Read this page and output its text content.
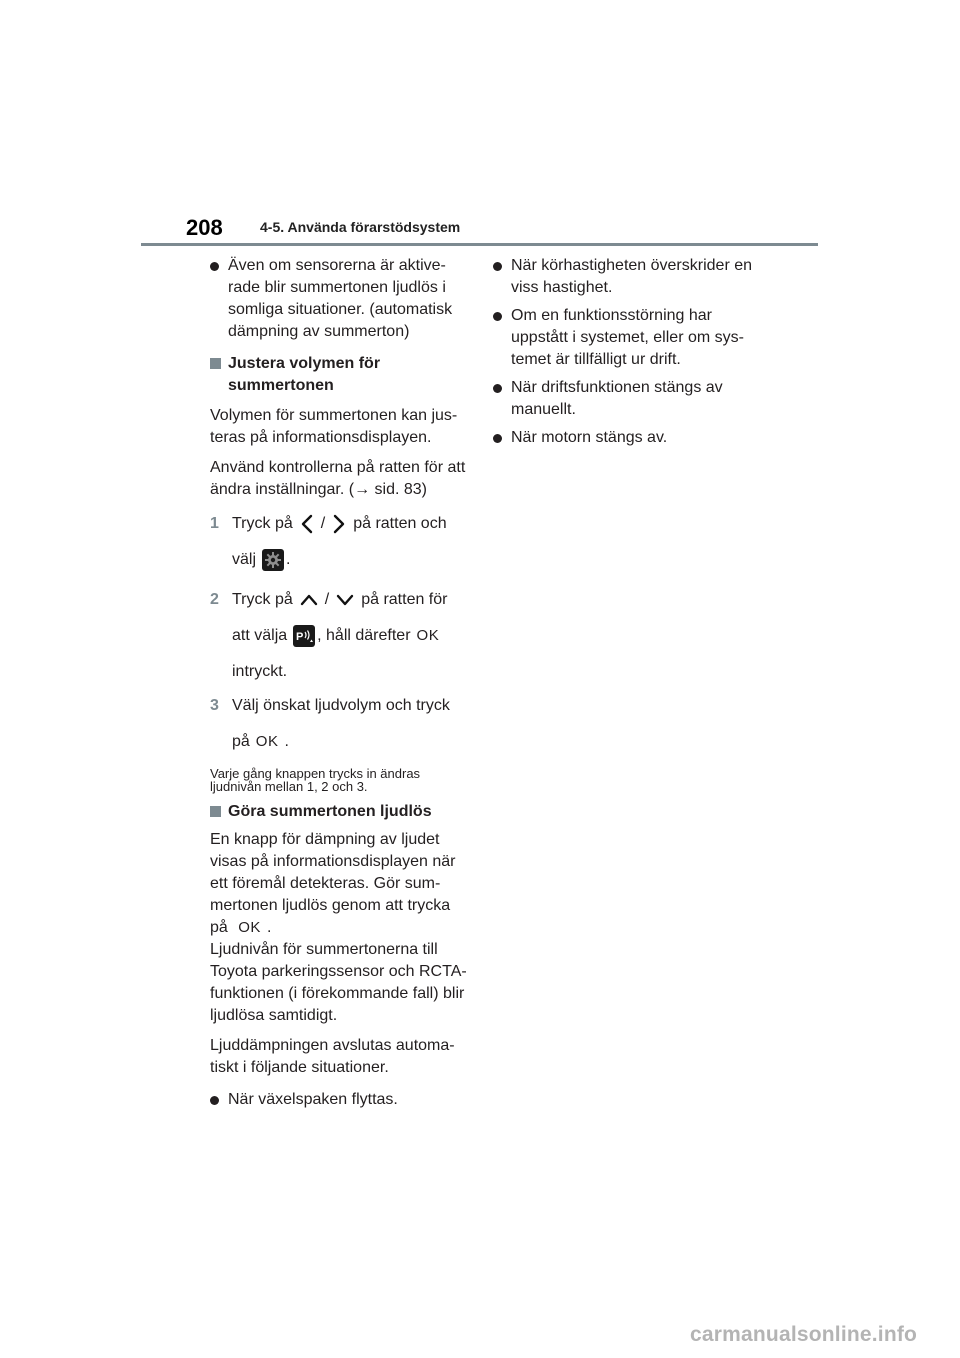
208	4-5. Använda förarstödsystem

Även om sensorerna är aktive-rade blir summertonen ljudlös i somliga situationer. (automatisk dämpning av summerton)

Justera volymen för summertonen

Volymen för summertonen kan jus-teras på informationsdisplayen.

Använd kontrollerna på ratten för att ändra inställningar. (→ sid. 83)

1 Tryck på / på ratten och
välj .
2 Tryck på / på ratten för
att välja P , håll därefter OK
intryckt.
3 Välj önskat ljudvolym och tryck
på OK .

Varje gång knappen trycks in ändras ljudnivån mellan 1, 2 och 3.

Göra summertonen ljudlös

En knapp för dämpning av ljudet visas på informationsdisplayen när ett föremål detekteras. Gör sum-mertonen ljudlös genom att trycka på OK .

Ljudnivån för summertonerna till Toyota parkeringssensor och RCTA-funktionen (i förekommande fall) blir ljudlösa samtidigt.

Ljuddämpningen avslutas automa-tiskt i följande situationer.

När växelspaken flyttas.

När körhastigheten överskrider en viss hastighet.

Om en funktionsstörning har uppstått i systemet, eller om sys-temet är tillfälligt ur drift.

När driftsfunktionen stängs av manuellt.

När motorn stängs av.

carmanualsonline.info
